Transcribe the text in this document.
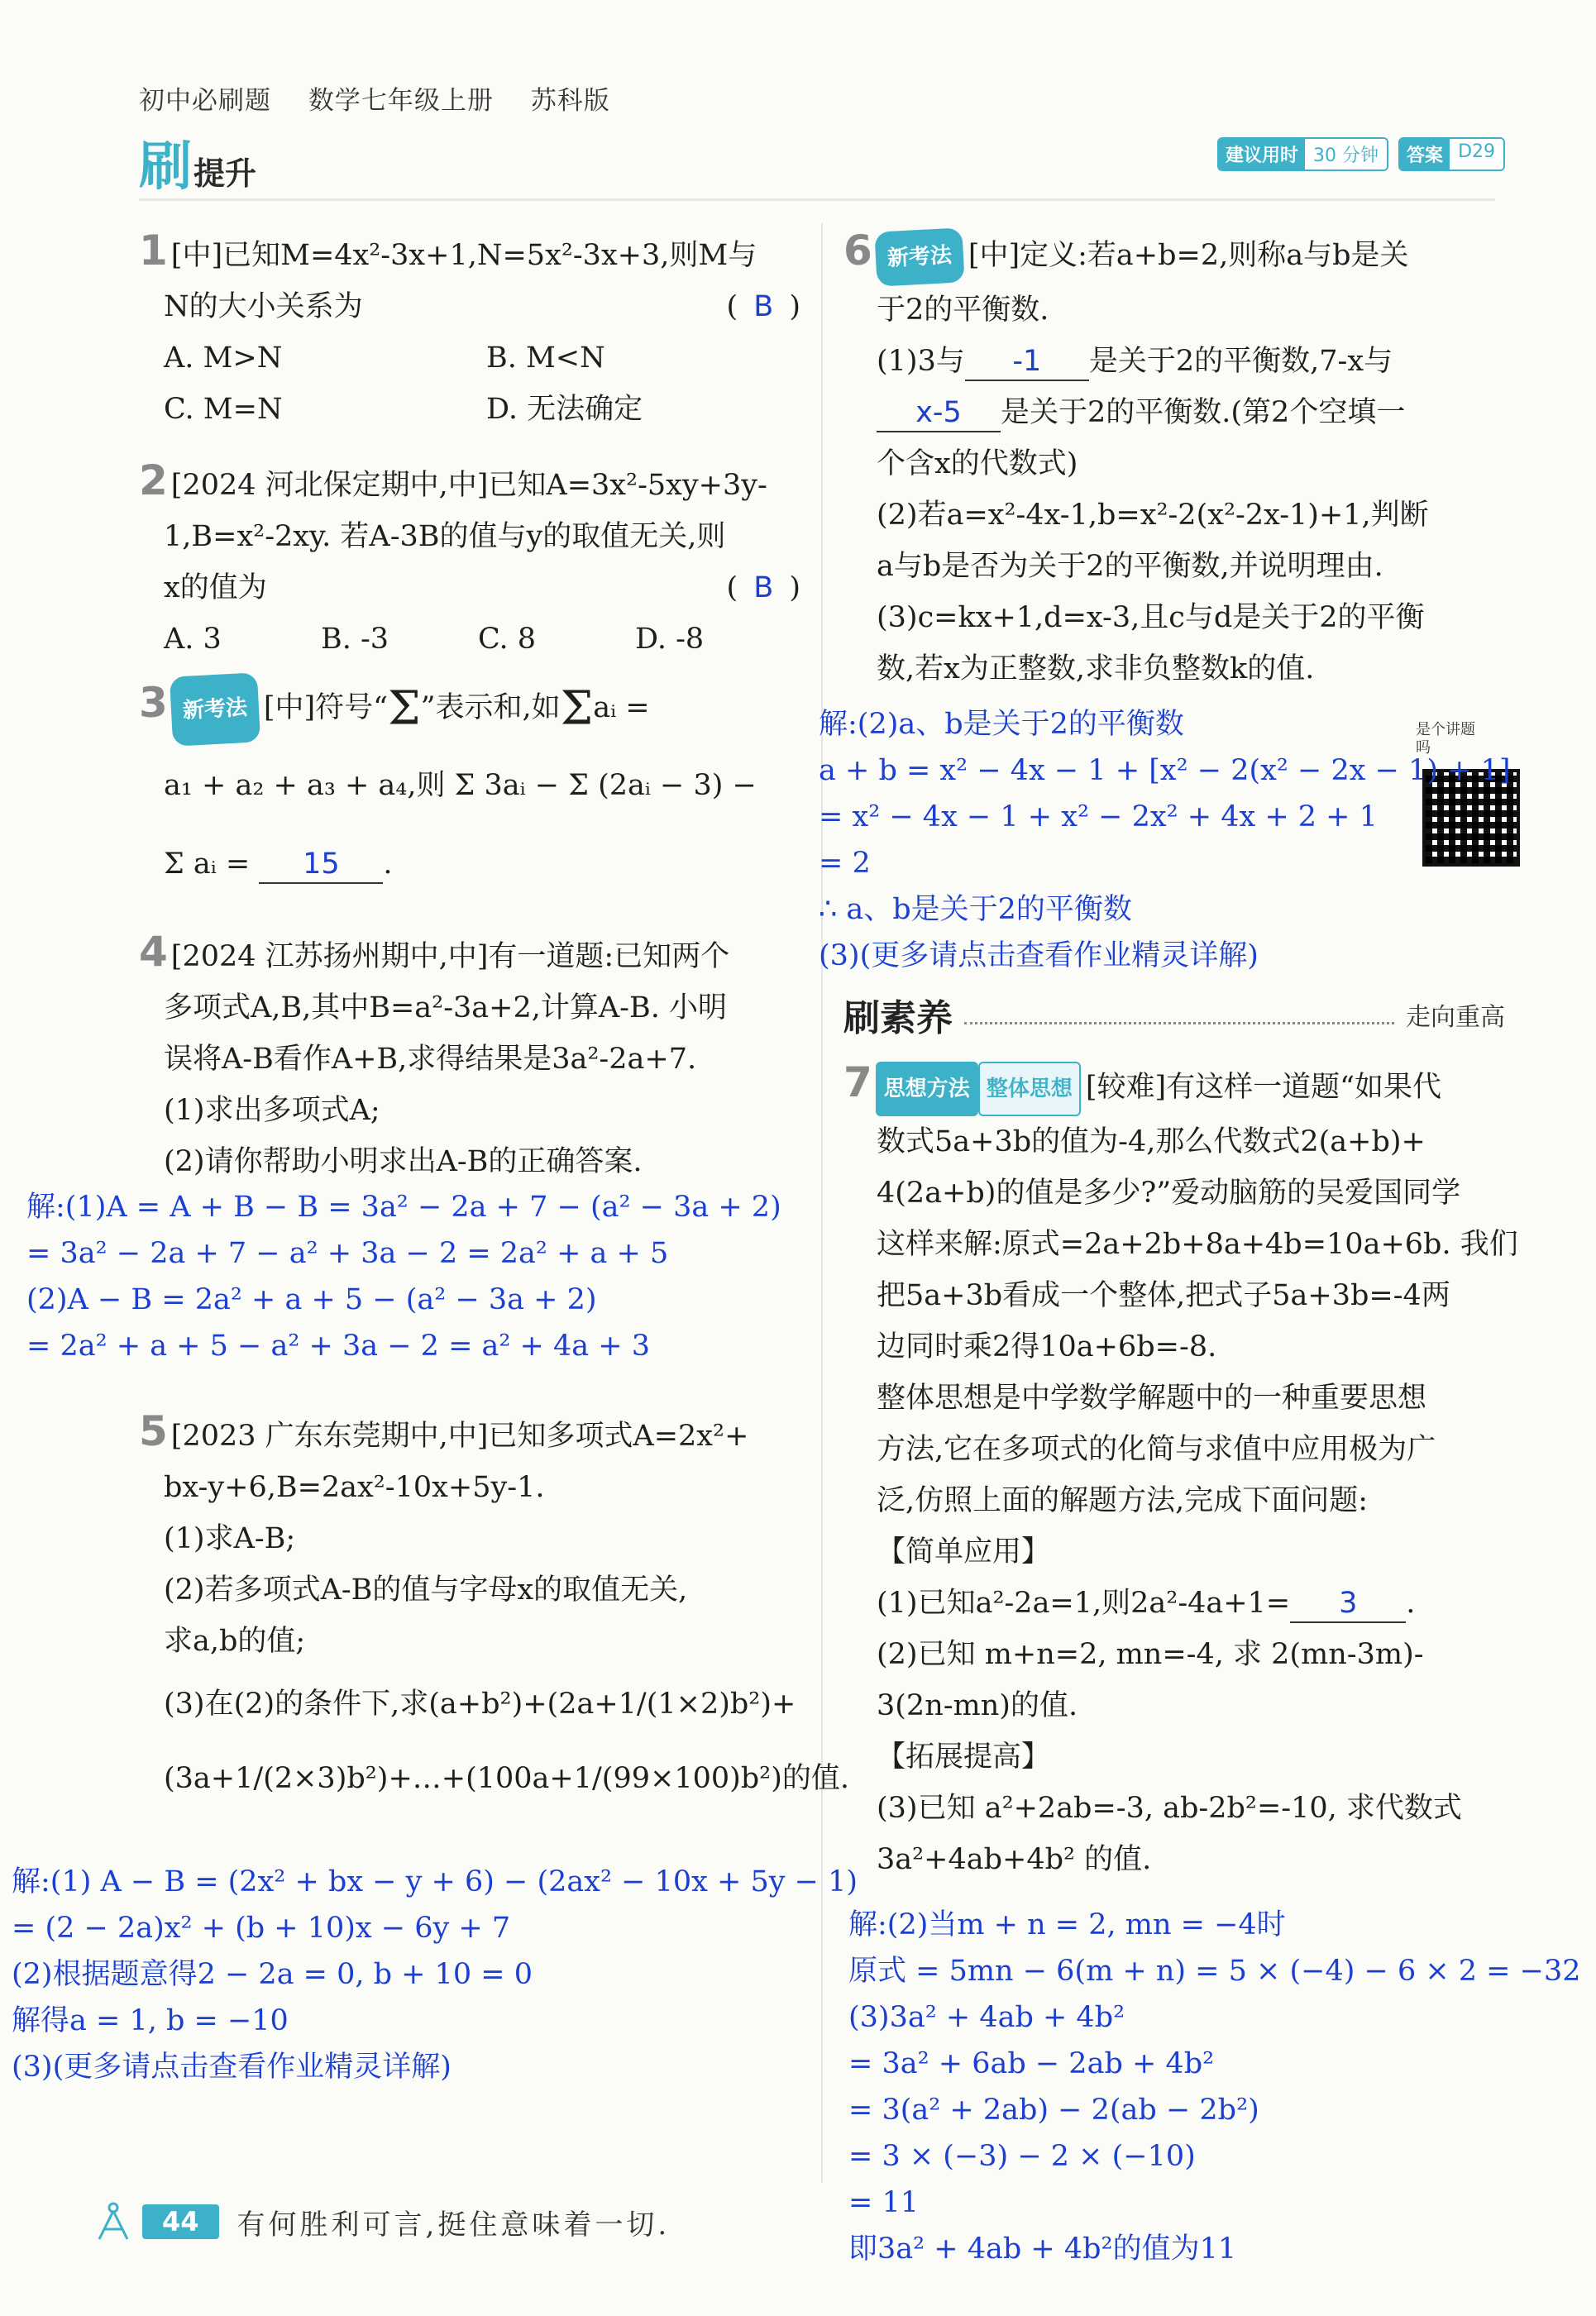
初中必刷题 数学七年级上册 苏科版
刷提升	建议用时 30 分钟	答案 D29
1 [中]已知M=4x²-3x+1,N=5x²-3x+3,则M与
N的大小关系为	( B )
A. M>N	B. M<N
C. M=N	D. 无法确定
2 [2024 河北保定期中,中]已知A=3x²-5xy+3y-
1,B=x²-2xy. 若A-3B的值与y的取值无关,则
x的值为	( B )
A. 3	B. -3	C. 8	D. -8
3 新考法 [中]符号“Σ”表示和,如Σaᵢ =
a₁ + a₂ + a₃ + a₄,则 Σ 3aᵢ − Σ (2aᵢ − 3) −
Σ aᵢ = 15 .
4 [2024 江苏扬州期中,中]有一道题:已知两个
多项式A,B,其中B=a²-3a+2,计算A-B. 小明
误将A-B看作A+B,求得结果是3a²-2a+7.
(1)求出多项式A;
(2)请你帮助小明求出A-B的正确答案.
解:(1)A = A + B − B = 3a² − 2a + 7 − (a² − 3a + 2)
= 3a² − 2a + 7 − a² + 3a − 2 = 2a² + a + 5
(2)A − B = 2a² + a + 5 − (a² − 3a + 2)
= 2a² + a + 5 − a² + 3a − 2 = a² + 4a + 3
5 [2023 广东东莞期中,中]已知多项式A=2x²+
bx-y+6,B=2ax²-10x+5y-1.
(1)求A-B;
(2)若多项式A-B的值与字母x的取值无关,
求a,b的值;
(3)在(2)的条件下,求(a+b²)+(2a+1/(1×2)b²)+
(3a+1/(2×3)b²)+…+(100a+1/(99×100)b²)的值.
解:(1) A − B = (2x² + bx − y + 6) − (2ax² − 10x + 5y − 1)
= (2 − 2a)x² + (b + 10)x − 6y + 7
(2)根据题意得2 − 2a = 0, b + 10 = 0
解得a = 1, b = −10
(3)(更多请点击查看作业精灵详解)
6 新考法 [中]定义:若a+b=2,则称a与b是关
于2的平衡数.
(1)3与 -1 是关于2的平衡数,7-x与
x-5 是关于2的平衡数.(第2个空填一
个含x的代数式)
(2)若a=x²-4x-1,b=x²-2(x²-2x-1)+1,判断
a与b是否为关于2的平衡数,并说明理由.
(3)c=kx+1,d=x-3,且c与d是关于2的平衡
数,若x为正整数,求非负整数k的值.
是个讲题吗
解:(2)a、b是关于2的平衡数
a + b = x² − 4x − 1 + [x² − 2(x² − 2x − 1) + 1]
= x² − 4x − 1 + x² − 2x² + 4x + 2 + 1
= 2
∴ a、b是关于2的平衡数
(3)(更多请点击查看作业精灵详解)
刷素养	走向重高
7 思想方法 整体思想 [较难]有这样一道题“如果代
数式5a+3b的值为-4,那么代数式2(a+b)+
4(2a+b)的值是多少?”爱动脑筋的吴爱国同学
这样来解:原式=2a+2b+8a+4b=10a+6b. 我们
把5a+3b看成一个整体,把式子5a+3b=-4两
边同时乘2得10a+6b=-8.
整体思想是中学数学解题中的一种重要思想
方法,它在多项式的化简与求值中应用极为广
泛,仿照上面的解题方法,完成下面问题:
【简单应用】
(1)已知a²-2a=1,则2a²-4a+1= 3 .
(2)已知 m+n=2, mn=-4, 求 2(mn-3m)-
3(2n-mn)的值.
【拓展提高】
(3)已知 a²+2ab=-3, ab-2b²=-10, 求代数式
3a²+4ab+4b² 的值.
解:(2)当m + n = 2, mn = −4时
原式 = 5mn − 6(m + n) = 5 × (−4) − 6 × 2 = −32
(3)3a² + 4ab + 4b²
= 3a² + 6ab − 2ab + 4b²
= 3(a² + 2ab) − 2(ab − 2b²)
= 3 × (−3) − 2 × (−10)
= 11
即3a² + 4ab + 4b²的值为11
44	有何胜利可言,挺住意味着一切.
